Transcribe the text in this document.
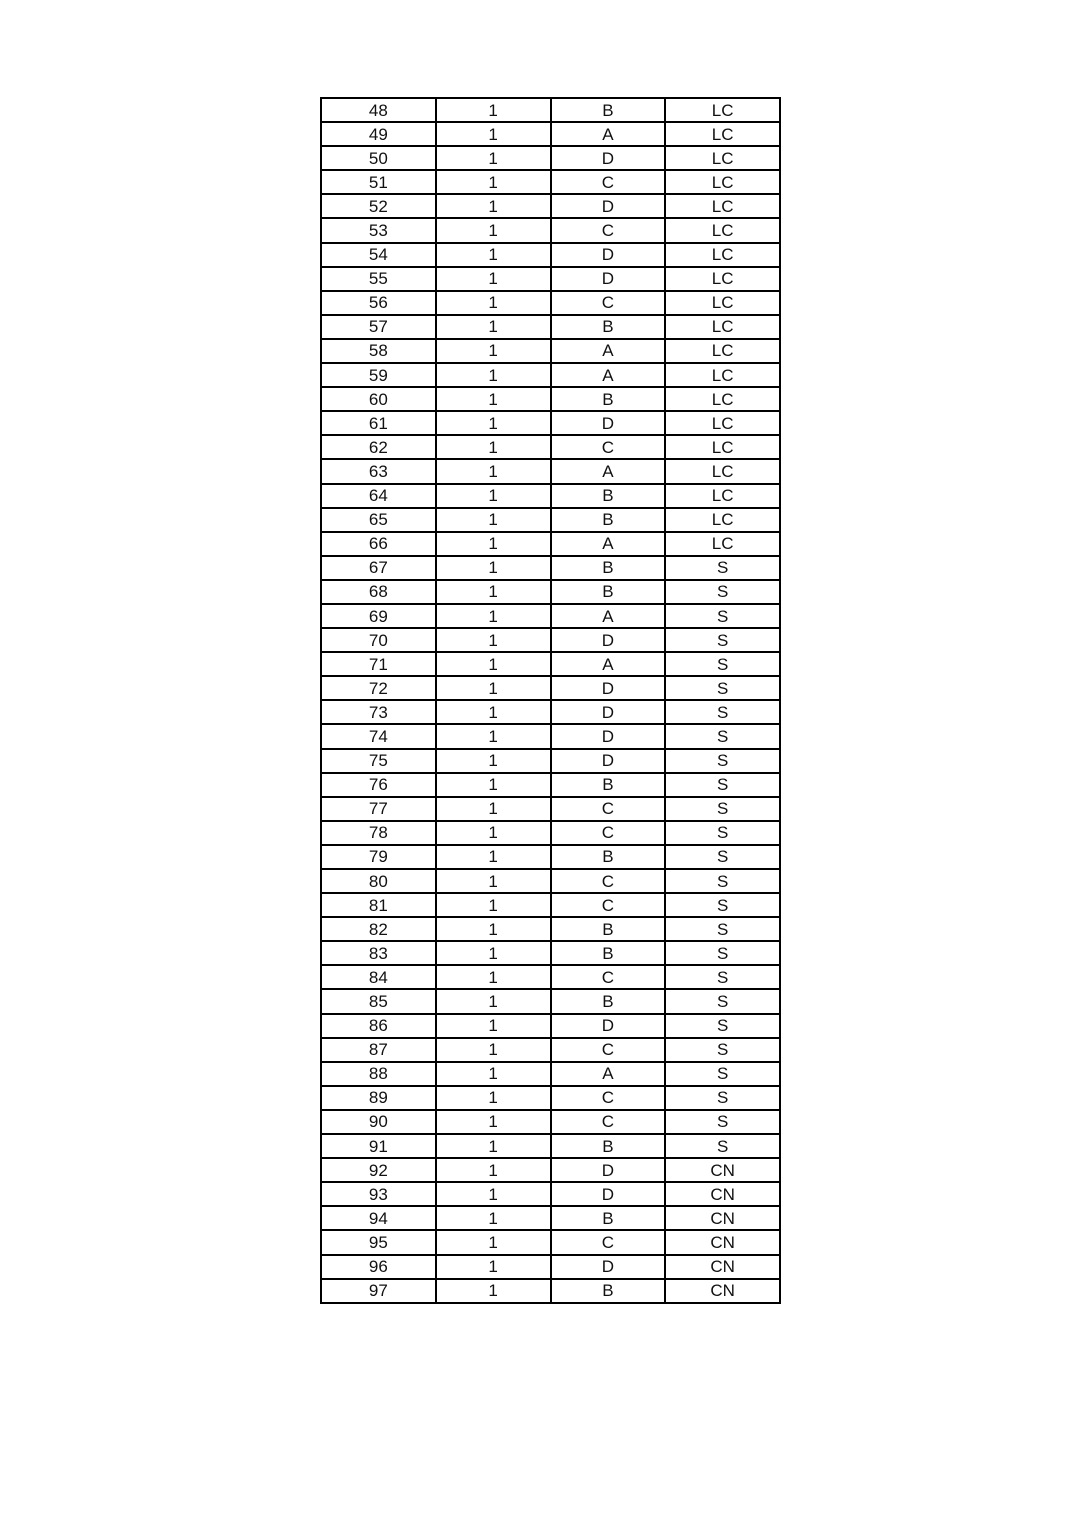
48	1	B	LC
49	1	A	LC
50	1	D	LC
51	1	C	LC
52	1	D	LC
53	1	C	LC
54	1	D	LC
55	1	D	LC
56	1	C	LC
57	1	B	LC
58	1	A	LC
59	1	A	LC
60	1	B	LC
61	1	D	LC
62	1	C	LC
63	1	A	LC
64	1	B	LC
65	1	B	LC
66	1	A	LC
67	1	B	S
68	1	B	S
69	1	A	S
70	1	D	S
71	1	A	S
72	1	D	S
73	1	D	S
74	1	D	S
75	1	D	S
76	1	B	S
77	1	C	S
78	1	C	S
79	1	B	S
80	1	C	S
81	1	C	S
82	1	B	S
83	1	B	S
84	1	C	S
85	1	B	S
86	1	D	S
87	1	C	S
88	1	A	S
89	1	C	S
90	1	C	S
91	1	B	S
92	1	D	CN
93	1	D	CN
94	1	B	CN
95	1	C	CN
96	1	D	CN
97	1	B	CN
